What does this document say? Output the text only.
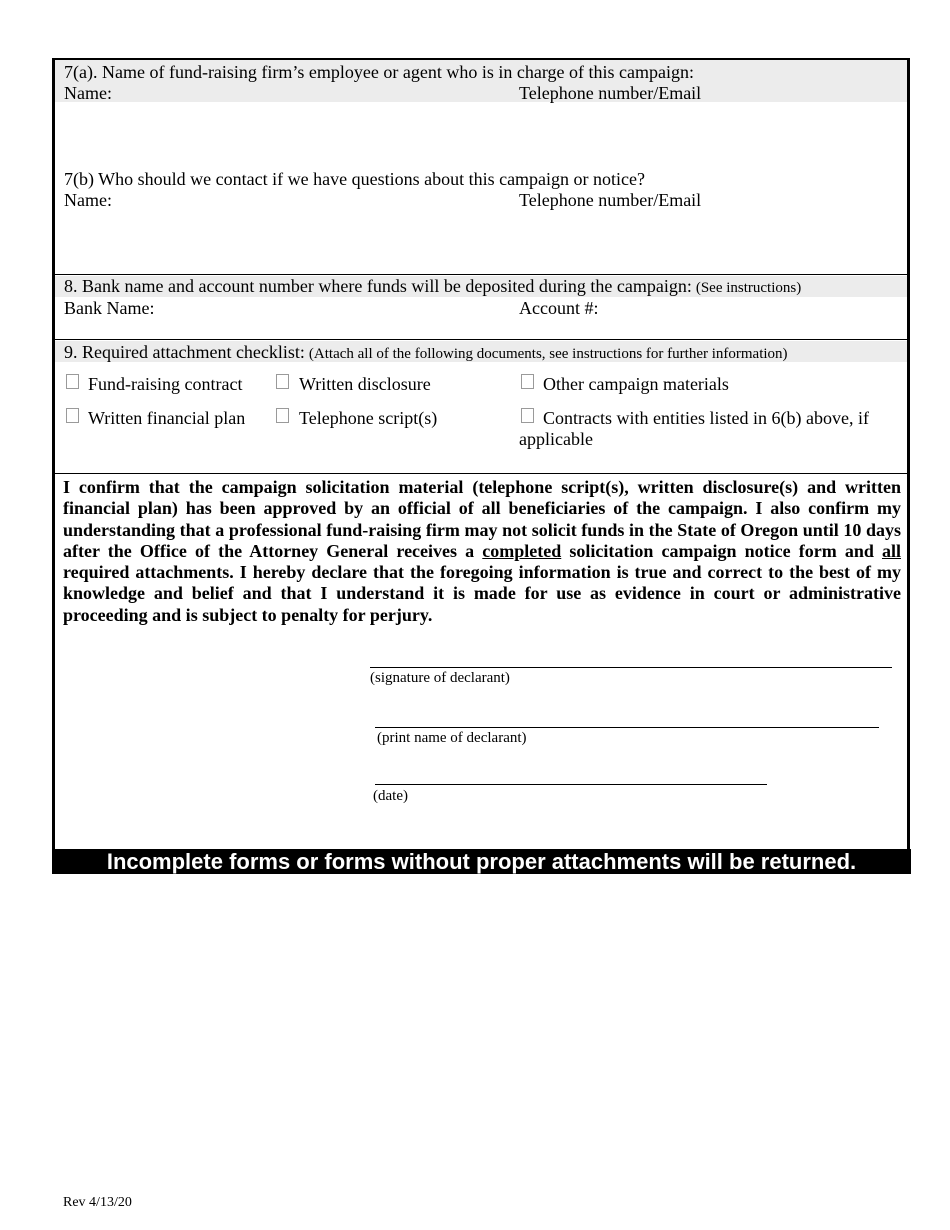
7(a). Name of fund-raising firm’s employee or agent who is in charge of this campaign:
Name:	Telephone number/Email
7(b) Who should we contact if we have questions about this campaign or notice?
Name:	Telephone number/Email
8. Bank name and account number where funds will be deposited during the campaign: (See instructions)
Bank Name:	Account #:
9. Required attachment checklist: (Attach all of the following documents, see instructions for further information)
Fund-raising contract	Written disclosure	Other campaign materials
Written financial plan	Telephone script(s)	Contracts with entities listed in 6(b) above, if applicable
I confirm that the campaign solicitation material (telephone script(s), written disclosure(s) and written financial plan) has been approved by an official of all beneficiaries of the campaign. I also confirm my understanding that a professional fund-raising firm may not solicit funds in the State of Oregon until 10 days after the Office of the Attorney General receives a completed solicitation campaign notice form and all required attachments. I hereby declare that the foregoing information is true and correct to the best of my knowledge and belief and that I understand it is made for use as evidence in court or administrative proceeding and is subject to penalty for perjury.
(signature of declarant)
(print name of declarant)
(date)
Incomplete forms or forms without proper attachments will be returned.
Rev 4/13/20
